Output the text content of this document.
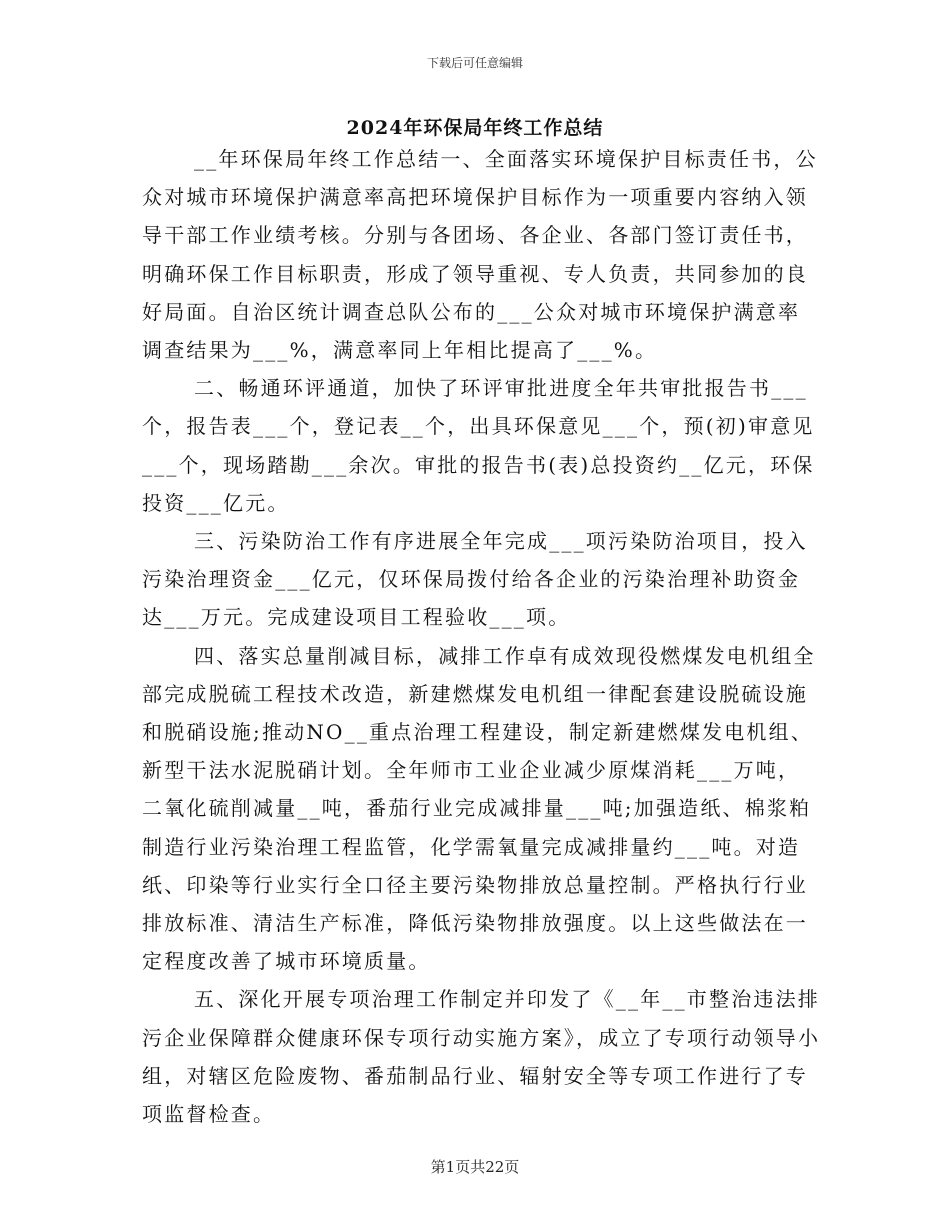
下载后可任意编辑
2024年环保局年终工作总结

__年环保局年终工作总结一、全面落实环境保护目标责任书，公众对城市环境保护满意率高把环境保护目标作为一项重要内容纳入领导干部工作业绩考核。分别与各团场、各企业、各部门签订责任书，明确环保工作目标职责，形成了领导重视、专人负责，共同参加的良好局面。自治区统计调查总队公布的___公众对城市环境保护满意率调查结果为___%，满意率同上年相比提高了___%。

二、畅通环评通道，加快了环评审批进度全年共审批报告书___个，报告表___个，登记表__个，出具环保意见___个，预(初)审意见___个，现场踏勘___余次。审批的报告书(表)总投资约__亿元，环保投资___亿元。

三、污染防治工作有序进展全年完成___项污染防治项目，投入污染治理资金___亿元，仅环保局拨付给各企业的污染治理补助资金达___万元。完成建设项目工程验收___项。

四、落实总量削减目标，减排工作卓有成效现役燃煤发电机组全部完成脱硫工程技术改造，新建燃煤发电机组一律配套建设脱硫设施和脱硝设施;推动NO__重点治理工程建设，制定新建燃煤发电机组、新型干法水泥脱硝计划。全年师市工业企业减少原煤消耗___万吨，二氧化硫削减量__吨，番茄行业完成减排量___吨;加强造纸、棉浆粕制造行业污染治理工程监管，化学需氧量完成减排量约___吨。对造纸、印染等行业实行全口径主要污染物排放总量控制。严格执行行业排放标准、清洁生产标准，降低污染物排放强度。以上这些做法在一定程度改善了城市环境质量。

五、深化开展专项治理工作制定并印发了《__年__市整治违法排污企业保障群众健康环保专项行动实施方案》，成立了专项行动领导小组，对辖区危险废物、番茄制品行业、辐射安全等专项工作进行了专项监督检查。

第1页共22页
